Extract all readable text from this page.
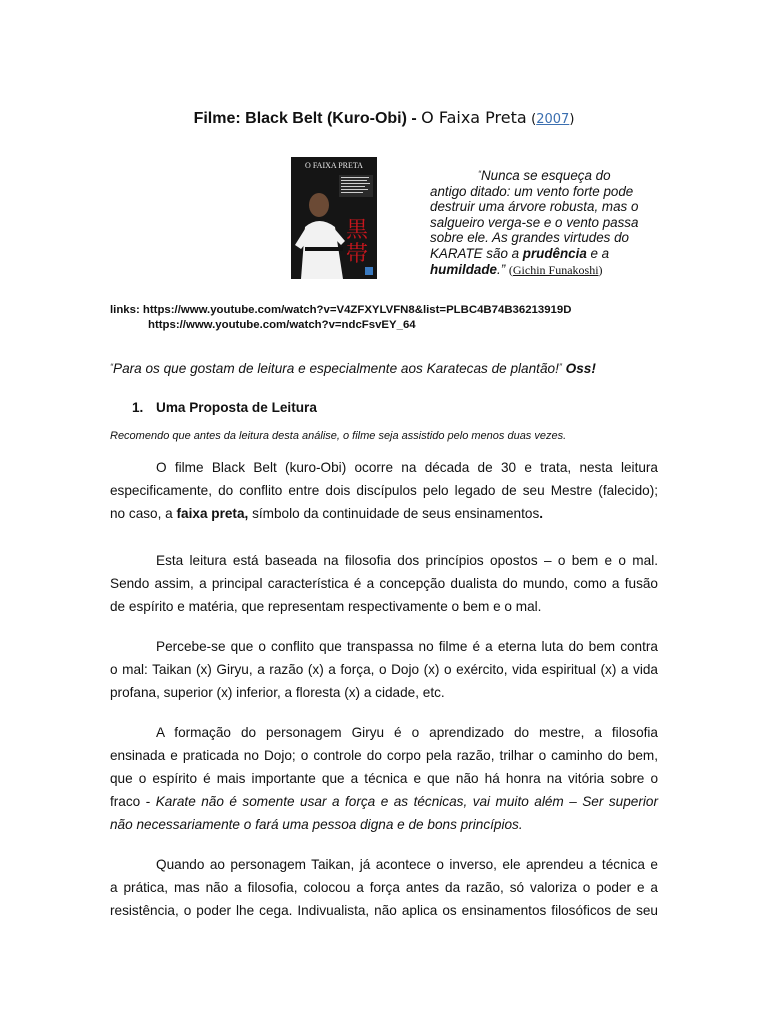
Filme: Black Belt (Kuro-Obi) - O Faixa Preta (2007)
O FAIXA PRETA
黒
帯
“Nunca se esqueça do
antigo ditado: um vento forte pode
destruir uma árvore robusta, mas o
salgueiro verga-se e o vento passa
sobre ele. As grandes virtudes do
KARATE são a prudência e a
humildade.” (Gichin Funakoshi)
links: https://www.youtube.com/watch?v=V4ZFXYLVFN8&list=PLBC4B74B36213919D
https://www.youtube.com/watch?v=ndcFsvEY_64
“Para os que gostam de leitura e especialmente aos Karatecas de plantão!” Oss!
1. Uma Proposta de Leitura
Recomendo que antes da leitura desta análise, o filme seja assistido pelo menos duas vezes.
O filme Black Belt (kuro-Obi) ocorre na década de 30 e trata, nesta leitura
especificamente, do conflito entre dois discípulos pelo legado de seu Mestre (falecido);
no caso, a faixa preta, símbolo da continuidade de seus ensinamentos.
Esta leitura está baseada na filosofia dos princípios opostos – o bem e o mal.
Sendo assim, a principal característica é a concepção dualista do mundo, como a fusão
de espírito e matéria, que representam respectivamente o bem e o mal.
Percebe-se que o conflito que transpassa no filme é a eterna luta do bem contra
o mal: Taikan (x) Giryu, a razão (x) a força, o Dojo (x) o exército, vida espiritual (x) a vida
profana, superior (x) inferior, a floresta (x) a cidade, etc.
A formação do personagem Giryu é o aprendizado do mestre, a filosofia
ensinada e praticada no Dojo; o controle do corpo pela razão, trilhar o caminho do bem,
que o espírito é mais importante que a técnica e que não há honra na vitória sobre o
fraco - Karate não é somente usar a força e as técnicas, vai muito além – Ser superior
não necessariamente o fará uma pessoa digna e de bons princípios.
Quando ao personagem Taikan, já acontece o inverso, ele aprendeu a técnica e
a prática, mas não a filosofia, colocou a força antes da razão, só valoriza o poder e a
resistência, o poder lhe cega. Indivualista, não aplica os ensinamentos filosóficos de seu
